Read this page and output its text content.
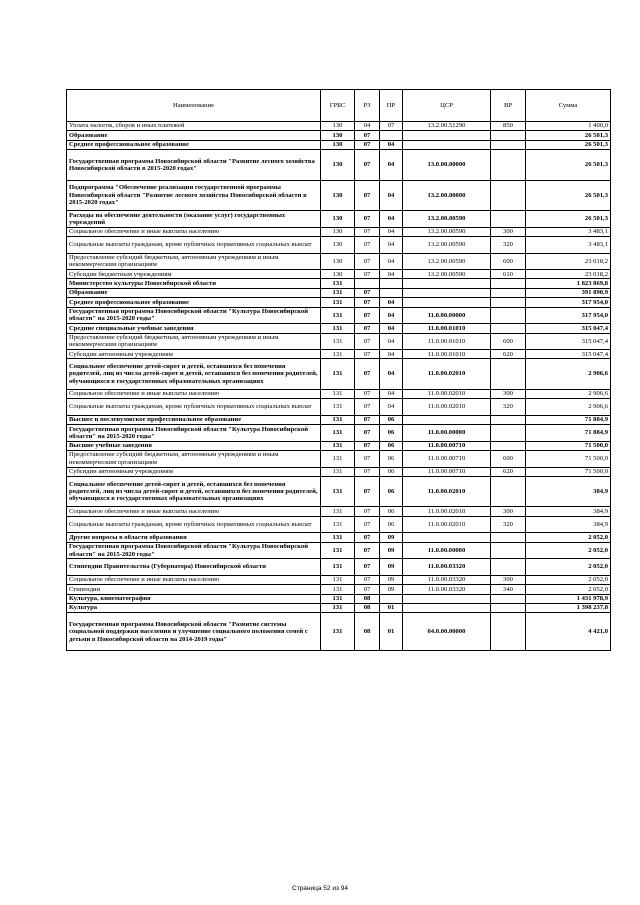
Наименование	ГРБС	РЗ	ПР	ЦСР	ВР	Сумма
Уплата налогов, сборов и иных платежей	130	04	07	13.2.00.51290	850	1 400,0
Образование	130	07				26 501,3
Среднее профессиональное образование	130	07	04			26 501,3
Государственная программа Новосибирской области "Развитие лесного хозяйства Новосибирской области в 2015-2020 годах"	130	07	04	13.0.00.00000		26 501,3
Подпрограмма "Обеспечение реализации государственной программы Новосибирской области "Развитие лесного хозяйства Новосибирской области в 2015-2020 годах"	130	07	04	13.2.00.00000		26 501,3
Расходы на обеспечение деятельности (оказание услуг) государственных учреждений	130	07	04	13.2.00.00590		26 501,3
Социальное обеспечение и иные выплаты населению	130	07	04	13.2.00.00590	300	3 483,1
Социальные выплаты гражданам, кроме публичных нормативных социальных выплат	130	07	04	13.2.00.00590	320	3 483,1
Предоставление субсидий бюджетным, автономным учреждениям и иным некоммерческим организациям	130	07	04	13.2.00.00590	600	23 018,2
Субсидии бюджетным учреждениям	130	07	04	13.2.00.00590	610	23 018,2
Министерство культуры Новосибирской области	131					1 823 869,8
Образование	131	07				391 890,9
Среднее профессиональное образование	131	07	04			317 954,0
Государственная программа Новосибирской области "Культура Новосибирской области" на 2015-2020 годы"	131	07	04	11.0.00.00000		317 954,0
Средние специальные учебные заведения	131	07	04	11.0.00.01010		315 047,4
Предоставление субсидий бюджетным, автономным учреждениям и иным некоммерческим организациям	131	07	04	11.0.00.01010	600	315 047,4
Субсидии автономным учреждениям	131	07	04	11.0.00.01010	620	315 047,4
Социальное обеспечение детей-сирот и детей, оставшихся без попечения родителей, лиц из числа детей-сирот и детей, оставшихся без попечения родителей, обучающихся в государственных образовательных организациях	131	07	04	11.0.00.02010		2 906,6
Социальное обеспечение и иные выплаты населению	131	07	04	11.0.00.02010	300	2 906,6
Социальные выплаты гражданам, кроме публичных нормативных социальных выплат	131	07	04	11.0.00.02010	320	2 906,6
Высшее и послевузовское профессиональное образование	131	07	06			71 884,9
Государственная программа Новосибирской области "Культура Новосибирской области" на 2015-2020 годы"	131	07	06	11.0.00.00000		71 884,9
Высшие учебные заведения	131	07	06	11.0.00.00710		71 500,0
Предоставление субсидий бюджетным, автономным учреждениям и иным некоммерческим организациям	131	07	06	11.0.00.00710	600	71 500,0
Субсидии автономным учреждениям	131	07	06	11.0.00.00710	620	71 500,0
Социальное обеспечение детей-сирот и детей, оставшихся без попечения родителей, лиц из числа детей-сирот и детей, оставшихся без попечения родителей, обучающихся в государственных образовательных организациях	131	07	06	11.0.00.02010		384,9
Социальное обеспечение и иные выплаты населению	131	07	06	11.0.00.02010	300	384,9
Социальные выплаты гражданам, кроме публичных нормативных социальных выплат	131	07	06	11.0.00.02010	320	384,9
Другие вопросы в области образования	131	07	09			2 052,0
Государственная программа Новосибирской области "Культура Новосибирской области" на 2015-2020 годы"	131	07	09	11.0.00.00000		2 052,0
Стипендии Правительства (Губернатора) Новосибирской области	131	07	09	11.0.00.03320		2 052,0
Социальное обеспечение и иные выплаты населению	131	07	09	11.0.00.03320	300	2 052,0
Стипендии	131	07	09	11.0.00.03320	340	2 052,0
Культура, кинематография	131	08				1 431 978,9
Культура	131	08	01			1 398 237,8
Государственная программа Новосибирской области "Развитие системы социальной поддержки населения и улучшение социального положения семей с детьми в Новосибирской области на 2014-2019 годы"	131	08	01	04.0.00.00000		4 421,0
Страница 52 из 94
